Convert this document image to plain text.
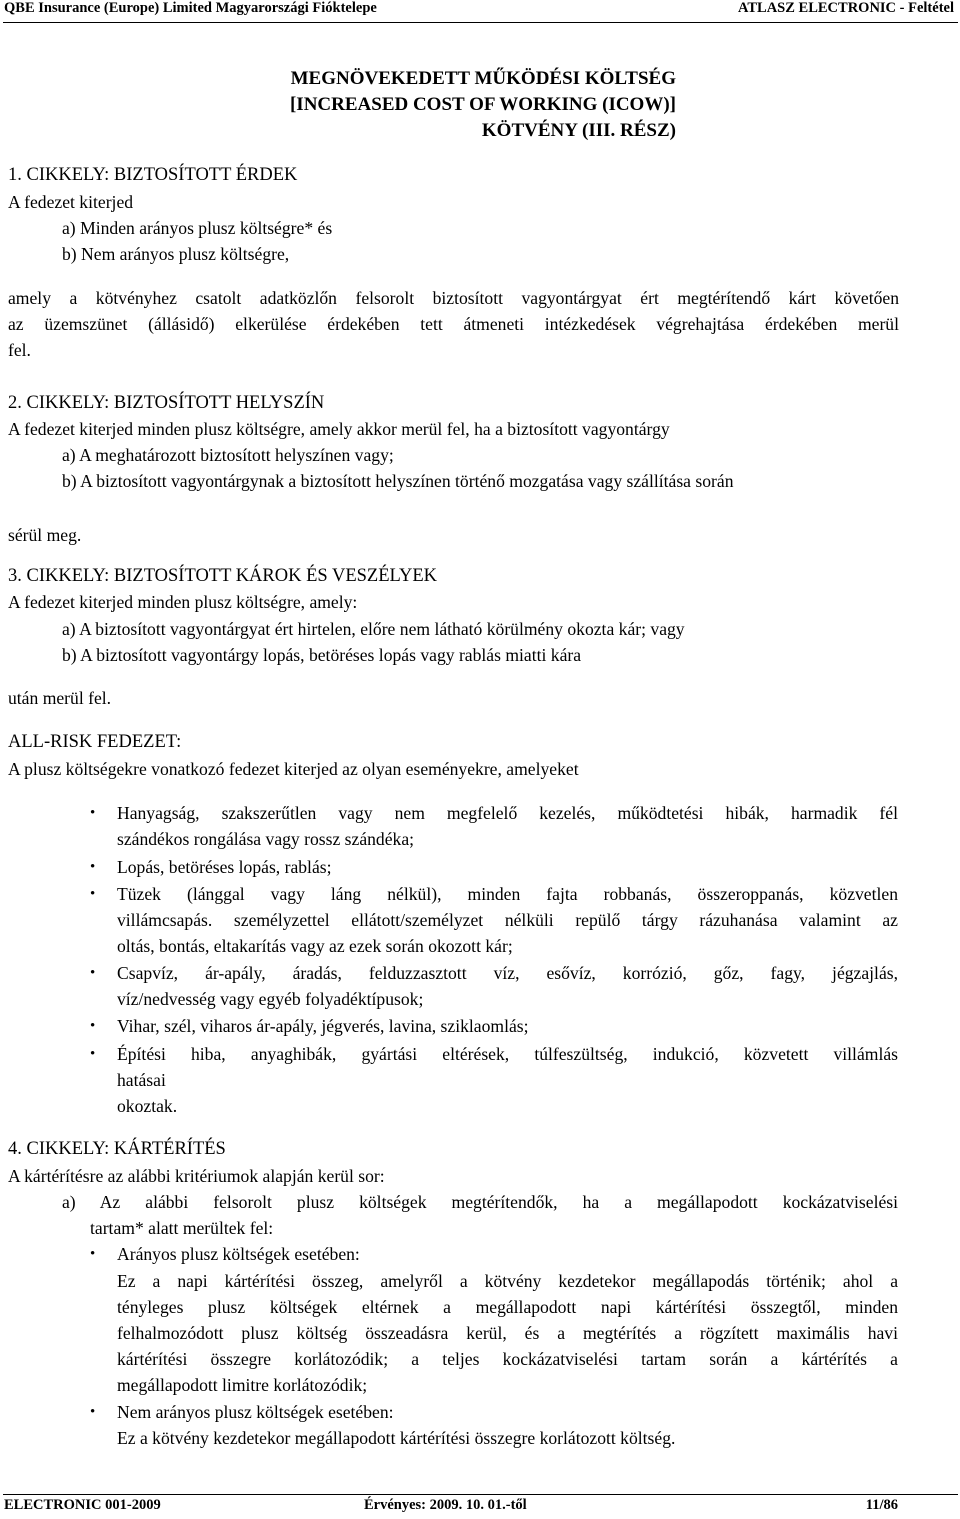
QBE Insurance (Europe) Limited Magyarországi Fióktelepe	ATLASZ ELECTRONIC - Feltétel
MEGNÖVEKEDETT MŰKÖDÉSI KÖLTSÉG
[INCREASED COST OF WORKING (ICOW)]
KÖTVÉNY (III. RÉSZ)
1. CIKKELY: BIZTOSÍTOTT ÉRDEK
A fedezet kiterjed
a) Minden arányos plusz költségre* és
b) Nem arányos plusz költségre,
amely a kötvényhez csatolt adatközlőn felsorolt biztosított vagyontárgyat ért megtérítendő kárt követően
az üzemszünet (állásidő) elkerülése érdekében tett átmeneti intézkedések végrehajtása érdekében merül
fel.
2. CIKKELY: BIZTOSÍTOTT HELYSZÍN
A fedezet kiterjed minden plusz költségre, amely akkor merül fel, ha a biztosított vagyontárgy
a) A meghatározott biztosított helyszínen vagy;
b) A biztosított vagyontárgynak a biztosított helyszínen történő mozgatása vagy szállítása során
sérül meg.
3. CIKKELY: BIZTOSÍTOTT KÁROK ÉS VESZÉLYEK
A fedezet kiterjed minden plusz költségre, amely:
a) A biztosított vagyontárgyat ért hirtelen, előre nem látható körülmény okozta kár; vagy
b) A biztosított vagyontárgy lopás, betöréses lopás vagy rablás miatti kára
után merül fel.
ALL-RISK FEDEZET:
A plusz költségekre vonatkozó fedezet kiterjed az olyan eseményekre, amelyeket
• Hanyagság, szakszerűtlen vagy nem megfelelő kezelés, működtetési hibák, harmadik fél
szándékos rongálása vagy rossz szándéka;
• Lopás, betöréses lopás, rablás;
• Tüzek (lánggal vagy láng nélkül), minden fajta robbanás, összeroppanás, közvetlen
villámcsapás. személyzettel ellátott/személyzet nélküli repülő tárgy rázuhanása valamint az
oltás, bontás, eltakarítás vagy az ezek során okozott kár;
• Csapvíz, ár-apály, áradás, felduzzasztott víz, esővíz, korrózió, gőz, fagy, jégzajlás,
víz/nedvesség vagy egyéb folyadéktípusok;
• Vihar, szél, viharos ár-apály, jégverés, lavina, sziklaomlás;
• Építési hiba, anyaghibák, gyártási eltérések, túlfeszültség, indukció, közvetett villámlás
hatásai
okoztak.
4. CIKKELY: KÁRTÉRÍTÉS
A kártérítésre az alábbi kritériumok alapján kerül sor:
a) Az alábbi felsorolt plusz költségek megtérítendők, ha a megállapodott kockázatviselési
tartam* alatt merültek fel:
• Arányos plusz költségek esetében:
Ez a napi kártérítési összeg, amelyről a kötvény kezdetekor megállapodás történik; ahol a
tényleges plusz költségek eltérnek a megállapodott napi kártérítési összegtől, minden
felhalmozódott plusz költség összeadásra kerül, és a megtérítés a rögzített maximális havi
kártérítési összegre korlátozódik; a teljes kockázatviselési tartam során a kártérítés a
megállapodott limitre korlátozódik;
• Nem arányos plusz költségek esetében:
Ez a kötvény kezdetekor megállapodott kártérítési összegre korlátozott költség.
ELECTRONIC 001-2009	Érvényes: 2009. 10. 01.-től	11/86
